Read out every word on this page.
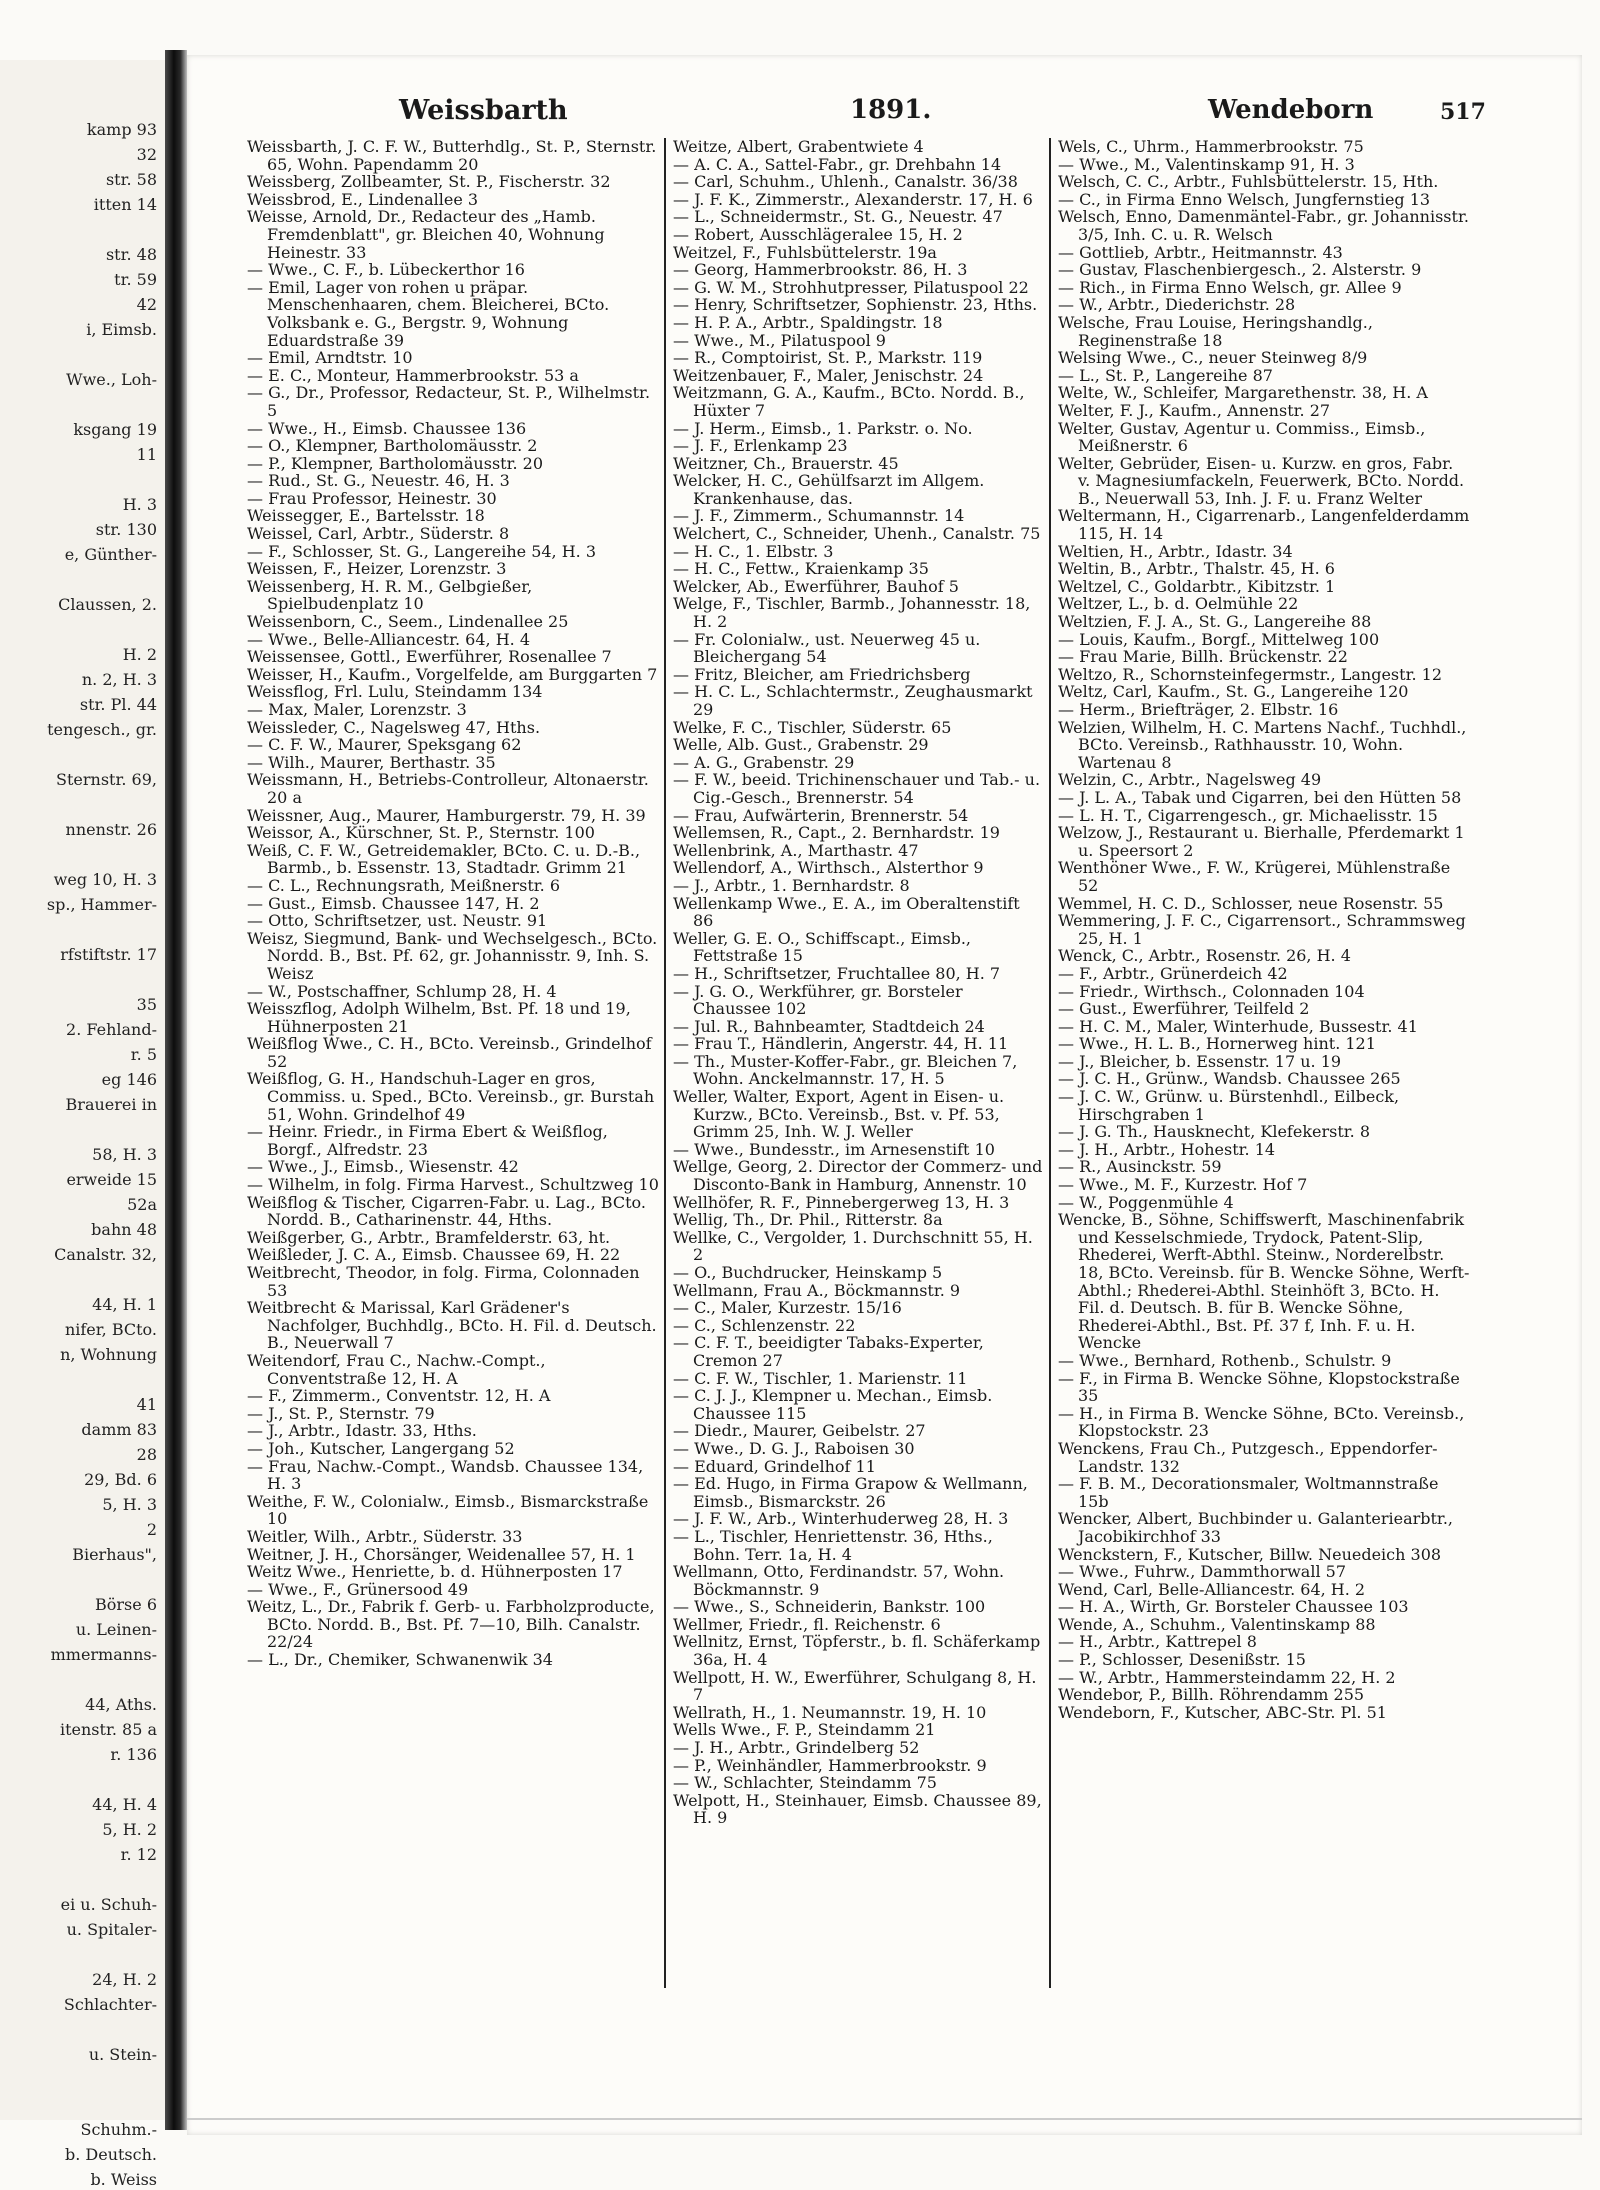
kamp 93
32
str. 58
itten 14
str. 48
tr. 59
42
i, Eimsb.
Wwe., Loh-
ksgang 19
11
H. 3
str. 130
e, Günther-
Claussen, 2.
H. 2
n. 2, H. 3
str. Pl. 44
tengesch., gr.
Sternstr. 69,
nnenstr. 26
weg 10, H. 3
sp., Hammer-
rfstiftstr. 17
35
2. Fehland-
r. 5
eg 146
Brauerei in
58, H. 3
erweide 15
52a
bahn 48
Canalstr. 32,
44, H. 1
nifer, BCto.
n, Wohnung
41
damm 83
28
29, Bd. 6
5, H. 3
2
Bierhaus",
Börse 6
u. Leinen-
mmermanns-
44, Aths.
itenstr. 85 a
r. 136
44, H. 4
5, H. 2
r. 12
ei u. Schuh-
u. Spitaler-
24, H. 2
Schlachter-
u. Stein-
Schuhm.-
b. Deutsch.
b. Weiss
Weissbarth	1891.	Wendeborn	517

Weissbarth, J. C. F. W., Butterhdlg., St. P., Sternstr. 65, Wohn. Papendamm 20

Weissberg, Zollbeamter, St. P., Fischerstr. 32

Weissbrod, E., Lindenallee 3

Weisse, Arnold, Dr., Redacteur des „Hamb. Fremdenblatt", gr. Bleichen 40, Wohnung Heinestr. 33

— Wwe., C. F., b. Lübeckerthor 16

— Emil, Lager von rohen u präpar. Menschenhaaren, chem. Bleicherei, BCto. Volksbank e. G., Bergstr. 9, Wohnung Eduardstraße 39

— Emil, Arndtstr. 10

— E. C., Monteur, Hammerbrookstr. 53 a

— G., Dr., Professor, Redacteur, St. P., Wilhelmstr. 5

— Wwe., H., Eimsb. Chaussee 136

— O., Klempner, Bartholomäusstr. 2

— P., Klempner, Bartholomäusstr. 20

— Rud., St. G., Neuestr. 46, H. 3

— Frau Professor, Heinestr. 30

Weissegger, E., Bartelsstr. 18

Weissel, Carl, Arbtr., Süderstr. 8

— F., Schlosser, St. G., Langereihe 54, H. 3

Weissen, F., Heizer, Lorenzstr. 3

Weissenberg, H. R. M., Gelbgießer, Spielbudenplatz 10

Weissenborn, C., Seem., Lindenallee 25

— Wwe., Belle-Alliancestr. 64, H. 4

Weissensee, Gottl., Ewerführer, Rosenallee 7

Weisser, H., Kaufm., Vorgelfelde, am Burggarten 7

Weissflog, Frl. Lulu, Steindamm 134

— Max, Maler, Lorenzstr. 3

Weissleder, C., Nagelsweg 47, Hths.

— C. F. W., Maurer, Speksgang 62

— Wilh., Maurer, Berthastr. 35

Weissmann, H., Betriebs-Controlleur, Altonaerstr. 20 a

Weissner, Aug., Maurer, Hamburgerstr. 79, H. 39

Weissor, A., Kürschner, St. P., Sternstr. 100

Weiß, C. F. W., Getreidemakler, BCto. C. u. D.-B., Barmb., b. Essenstr. 13, Stadtadr. Grimm 21

— C. L., Rechnungsrath, Meißnerstr. 6

— Gust., Eimsb. Chaussee 147, H. 2

— Otto, Schriftsetzer, ust. Neustr. 91

Weisz, Siegmund, Bank- und Wechselgesch., BCto. Nordd. B., Bst. Pf. 62, gr. Johannisstr. 9, Inh. S. Weisz

— W., Postschaffner, Schlump 28, H. 4

Weisszflog, Adolph Wilhelm, Bst. Pf. 18 und 19, Hühnerposten 21

Weißflog Wwe., C. H., BCto. Vereinsb., Grindelhof 52

Weißflog, G. H., Handschuh-Lager en gros, Commiss. u. Sped., BCto. Vereinsb., gr. Burstah 51, Wohn. Grindelhof 49

— Heinr. Friedr., in Firma Ebert & Weißflog, Borgf., Alfredstr. 23

— Wwe., J., Eimsb., Wiesenstr. 42

— Wilhelm, in folg. Firma Harvest., Schultzweg 10

Weißflog & Tischer, Cigarren-Fabr. u. Lag., BCto. Nordd. B., Catharinenstr. 44, Hths.

Weißgerber, G., Arbtr., Bramfelderstr. 63, ht.

Weißleder, J. C. A., Eimsb. Chaussee 69, H. 22

Weitbrecht, Theodor, in folg. Firma, Colonnaden 53

Weitbrecht & Marissal, Karl Grädener's Nachfolger, Buchhdlg., BCto. H. Fil. d. Deutsch. B., Neuerwall 7

Weitendorf, Frau C., Nachw.-Compt., Conventstraße 12, H. A

— F., Zimmerm., Conventstr. 12, H. A

— J., St. P., Sternstr. 79

— J., Arbtr., Idastr. 33, Hths.

— Joh., Kutscher, Langergang 52

— Frau, Nachw.-Compt., Wandsb. Chaussee 134, H. 3

Weithe, F. W., Colonialw., Eimsb., Bismarckstraße 10

Weitler, Wilh., Arbtr., Süderstr. 33

Weitner, J. H., Chorsänger, Weidenallee 57, H. 1

Weitz Wwe., Henriette, b. d. Hühnerposten 17

— Wwe., F., Grünersood 49

Weitz, L., Dr., Fabrik f. Gerb- u. Farbholzproducte, BCto. Nordd. B., Bst. Pf. 7—10, Bilh. Canalstr. 22/24

— L., Dr., Chemiker, Schwanenwik 34

Weitze, Albert, Grabentwiete 4

— A. C. A., Sattel-Fabr., gr. Drehbahn 14

— Carl, Schuhm., Uhlenh., Canalstr. 36/38

— J. F. K., Zimmerstr., Alexanderstr. 17, H. 6

— L., Schneidermstr., St. G., Neuestr. 47

— Robert, Ausschlägeralee 15, H. 2

Weitzel, F., Fuhlsbüttelerstr. 19a

— Georg, Hammerbrookstr. 86, H. 3

— G. W. M., Strohhutpresser, Pilatuspool 22

— Henry, Schriftsetzer, Sophienstr. 23, Hths.

— H. P. A., Arbtr., Spaldingstr. 18

— Wwe., M., Pilatuspool 9

— R., Comptoirist, St. P., Markstr. 119

Weitzenbauer, F., Maler, Jenischstr. 24

Weitzmann, G. A., Kaufm., BCto. Nordd. B., Hüxter 7

— J. Herm., Eimsb., 1. Parkstr. o. No.

— J. F., Erlenkamp 23

Weitzner, Ch., Brauerstr. 45

Welcker, H. C., Gehülfsarzt im Allgem. Krankenhause, das.

— J. F., Zimmerm., Schumannstr. 14

Welchert, C., Schneider, Uhenh., Canalstr. 75

— H. C., 1. Elbstr. 3

— H. C., Fettw., Kraienkamp 35

Welcker, Ab., Ewerführer, Bauhof 5

Welge, F., Tischler, Barmb., Johannesstr. 18, H. 2

— Fr. Colonialw., ust. Neuerweg 45 u. Bleichergang 54

— Fritz, Bleicher, am Friedrichsberg

— H. C. L., Schlachtermstr., Zeughausmarkt 29

Welke, F. C., Tischler, Süderstr. 65

Welle, Alb. Gust., Grabenstr. 29

— A. G., Grabenstr. 29

— F. W., beeid. Trichinenschauer und Tab.- u. Cig.-Gesch., Brennerstr. 54

— Frau, Aufwärterin, Brennerstr. 54

Wellemsen, R., Capt., 2. Bernhardstr. 19

Wellenbrink, A., Marthastr. 47

Wellendorf, A., Wirthsch., Alsterthor 9

— J., Arbtr., 1. Bernhardstr. 8

Wellenkamp Wwe., E. A., im Oberaltenstift 86

Weller, G. E. O., Schiffscapt., Eimsb., Fettstraße 15

— H., Schriftsetzer, Fruchtallee 80, H. 7

— J. G. O., Werkführer, gr. Borsteler Chaussee 102

— Jul. R., Bahnbeamter, Stadtdeich 24

— Frau T., Händlerin, Angerstr. 44, H. 11

— Th., Muster-Koffer-Fabr., gr. Bleichen 7, Wohn. Anckelmannstr. 17, H. 5

Weller, Walter, Export, Agent in Eisen- u. Kurzw., BCto. Vereinsb., Bst. v. Pf. 53, Grimm 25, Inh. W. J. Weller

— Wwe., Bundesstr., im Arnesenstift 10

Wellge, Georg, 2. Director der Commerz- und Disconto-Bank in Hamburg, Annenstr. 10

Wellhöfer, R. F., Pinnebergerweg 13, H. 3

Wellig, Th., Dr. Phil., Ritterstr. 8a

Wellke, C., Vergolder, 1. Durchschnitt 55, H. 2

— O., Buchdrucker, Heinskamp 5

Wellmann, Frau A., Böckmannstr. 9

— C., Maler, Kurzestr. 15/16

— C., Schlenzenstr. 22

— C. F. T., beeidigter Tabaks-Experter, Cremon 27

— C. F. W., Tischler, 1. Marienstr. 11

— C. J. J., Klempner u. Mechan., Eimsb. Chaussee 115

— Diedr., Maurer, Geibelstr. 27

— Wwe., D. G. J., Raboisen 30

— Eduard, Grindelhof 11

— Ed. Hugo, in Firma Grapow & Wellmann, Eimsb., Bismarckstr. 26

— J. F. W., Arb., Winterhuderweg 28, H. 3

— L., Tischler, Henriettenstr. 36, Hths., Bohn. Terr. 1a, H. 4

Wellmann, Otto, Ferdinandstr. 57, Wohn. Böckmannstr. 9

— Wwe., S., Schneiderin, Bankstr. 100

Wellmer, Friedr., fl. Reichenstr. 6

Wellnitz, Ernst, Töpferstr., b. fl. Schäferkamp 36a, H. 4

Wellpott, H. W., Ewerführer, Schulgang 8, H. 7

Wellrath, H., 1. Neumannstr. 19, H. 10

Wells Wwe., F. P., Steindamm 21

— J. H., Arbtr., Grindelberg 52

— P., Weinhändler, Hammerbrookstr. 9

— W., Schlachter, Steindamm 75

Welpott, H., Steinhauer, Eimsb. Chaussee 89, H. 9

Wels, C., Uhrm., Hammerbrookstr. 75

— Wwe., M., Valentinskamp 91, H. 3

Welsch, C. C., Arbtr., Fuhlsbüttelerstr. 15, Hth.

— C., in Firma Enno Welsch, Jungfernstieg 13

Welsch, Enno, Damenmäntel-Fabr., gr. Johannisstr. 3/5, Inh. C. u. R. Welsch

— Gottlieb, Arbtr., Heitmannstr. 43

— Gustav, Flaschenbiergesch., 2. Alsterstr. 9

— Rich., in Firma Enno Welsch, gr. Allee 9

— W., Arbtr., Diederichstr. 28

Welsche, Frau Louise, Heringshandlg., Reginenstraße 18

Welsing Wwe., C., neuer Steinweg 8/9

— L., St. P., Langereihe 87

Welte, W., Schleifer, Margarethenstr. 38, H. A

Welter, F. J., Kaufm., Annenstr. 27

Welter, Gustav, Agentur u. Commiss., Eimsb., Meißnerstr. 6

Welter, Gebrüder, Eisen- u. Kurzw. en gros, Fabr. v. Magnesiumfackeln, Feuerwerk, BCto. Nordd. B., Neuerwall 53, Inh. J. F. u. Franz Welter

Weltermann, H., Cigarrenarb., Langenfelderdamm 115, H. 14

Weltien, H., Arbtr., Idastr. 34

Weltin, B., Arbtr., Thalstr. 45, H. 6

Weltzel, C., Goldarbtr., Kibitzstr. 1

Weltzer, L., b. d. Oelmühle 22

Weltzien, F. J. A., St. G., Langereihe 88

— Louis, Kaufm., Borgf., Mittelweg 100

— Frau Marie, Billh. Brückenstr. 22

Weltzo, R., Schornsteinfegermstr., Langestr. 12

Weltz, Carl, Kaufm., St. G., Langereihe 120

— Herm., Briefträger, 2. Elbstr. 16

Welzien, Wilhelm, H. C. Martens Nachf., Tuchhdl., BCto. Vereinsb., Rathhausstr. 10, Wohn. Wartenau 8

Welzin, C., Arbtr., Nagelsweg 49

— J. L. A., Tabak und Cigarren, bei den Hütten 58

— L. H. T., Cigarrengesch., gr. Michaelisstr. 15

Welzow, J., Restaurant u. Bierhalle, Pferdemarkt 1 u. Speersort 2

Wenthöner Wwe., F. W., Krügerei, Mühlenstraße 52

Wemmel, H. C. D., Schlosser, neue Rosenstr. 55

Wemmering, J. F. C., Cigarrensort., Schrammsweg 25, H. 1

Wenck, C., Arbtr., Rosenstr. 26, H. 4

— F., Arbtr., Grünerdeich 42

— Friedr., Wirthsch., Colonnaden 104

— Gust., Ewerführer, Teilfeld 2

— H. C. M., Maler, Winterhude, Bussestr. 41

— Wwe., H. L. B., Hornerweg hint. 121

— J., Bleicher, b. Essenstr. 17 u. 19

— J. C. H., Grünw., Wandsb. Chaussee 265

— J. C. W., Grünw. u. Bürstenhdl., Eilbeck, Hirschgraben 1

— J. G. Th., Hausknecht, Klefekerstr. 8

— J. H., Arbtr., Hohestr. 14

— R., Ausinckstr. 59

— Wwe., M. F., Kurzestr. Hof 7

— W., Poggenmühle 4

Wencke, B., Söhne, Schiffswerft, Maschinenfabrik und Kesselschmiede, Trydock, Patent-Slip, Rhederei, Werft-Abthl. Steinw., Norderelbstr. 18, BCto. Vereinsb. für B. Wencke Söhne, Werft-Abthl.; Rhederei-Abthl. Steinhöft 3, BCto. H. Fil. d. Deutsch. B. für B. Wencke Söhne, Rhederei-Abthl., Bst. Pf. 37 f, Inh. F. u. H. Wencke

— Wwe., Bernhard, Rothenb., Schulstr. 9

— F., in Firma B. Wencke Söhne, Klopstockstraße 35

— H., in Firma B. Wencke Söhne, BCto. Vereinsb., Klopstockstr. 23

Wenckens, Frau Ch., Putzgesch., Eppendorfer-Landstr. 132

— F. B. M., Decorationsmaler, Woltmannstraße 15b

Wencker, Albert, Buchbinder u. Galanteriearbtr., Jacobikirchhof 33

Wenckstern, F., Kutscher, Billw. Neuedeich 308

— Wwe., Fuhrw., Dammthorwall 57

Wend, Carl, Belle-Alliancestr. 64, H. 2

— H. A., Wirth, Gr. Borsteler Chaussee 103

Wende, A., Schuhm., Valentinskamp 88

— H., Arbtr., Kattrepel 8

— P., Schlosser, Desenißstr. 15

— W., Arbtr., Hammersteindamm 22, H. 2

Wendebor, P., Billh. Röhrendamm 255

Wendeborn, F., Kutscher, ABC-Str. Pl. 51
